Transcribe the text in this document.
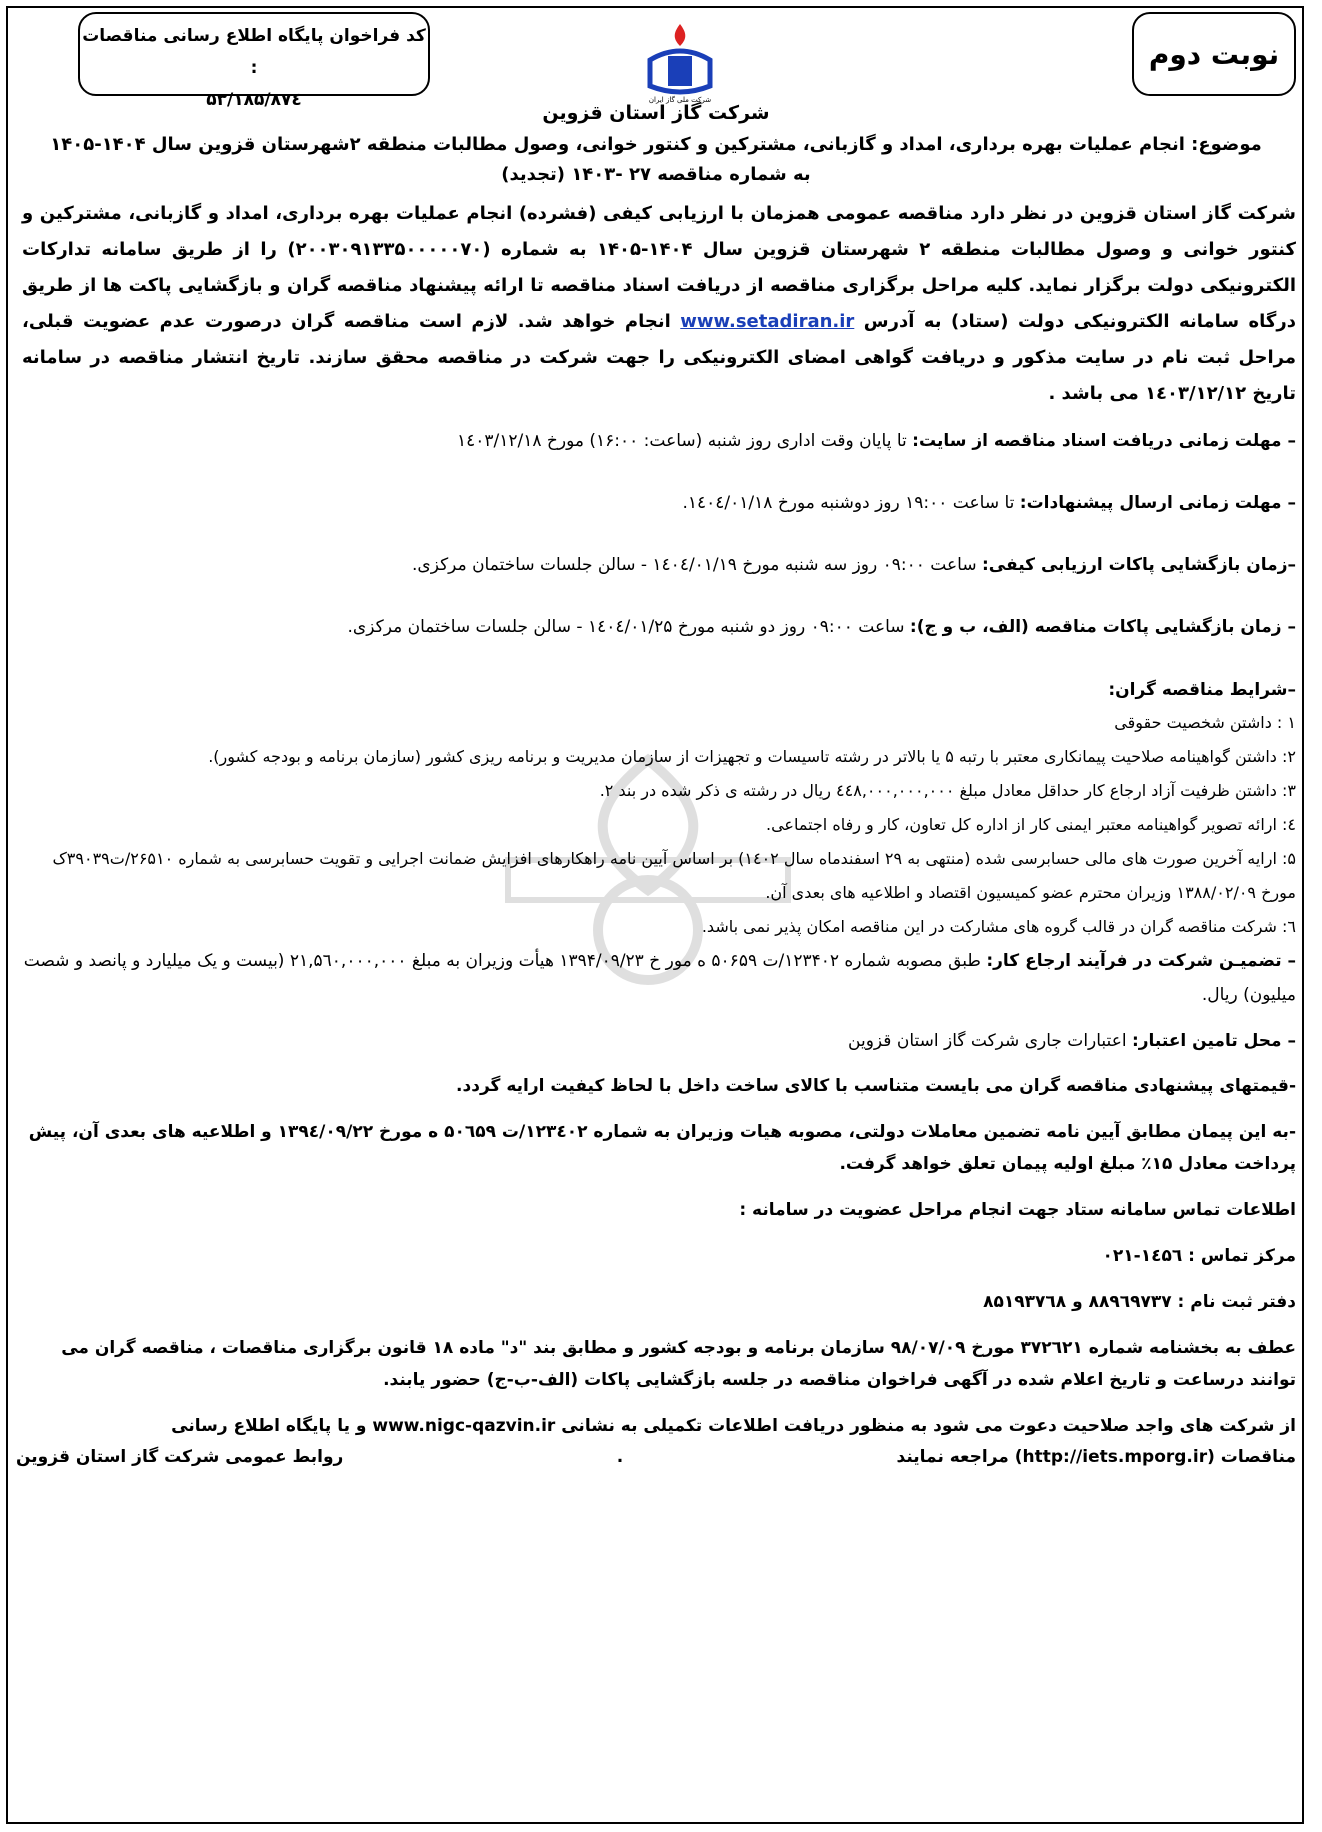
کد فراخوان پایگاه اطلاع رسانی مناقصات :
۵۳/۱۸۵/۸۷٤
نوبت دوم
شرکت ملی گاز ایران
شرکت گاز استان قزوین
موضوع: انجام عملیات بهره برداری، امداد و گازبانی، مشترکین و کنتور خوانی، وصول مطالبات منطقه ۲شهرستان قزوین سال ۱۴۰۴-۱۴۰۵
به شماره مناقصه ۲۷ -۱۴۰۳ (تجدید)
شرکت گاز استان قزوین در نظر دارد مناقصه عمومی همزمان با ارزیابی کیفی (فشرده) انجام عملیات بهره برداری، امداد و گازبانی، مشترکین و کنتور خوانی و وصول مطالبات منطقه ۲ شهرستان قزوین سال ۱۴۰۴-۱۴۰۵ به شماره (۲۰۰۳۰۹۱۳۳۵۰۰۰۰۰۷۰) را از طریق سامانه تدارکات الکترونیکی دولت برگزار نماید. کلیه مراحل برگزاری مناقصه از دریافت اسناد مناقصه تا ارائه پیشنهاد مناقصه گران و بازگشایی پاکت ها از طریق درگاه سامانه الکترونیکی دولت (ستاد) به آدرس www.setadiran.ir انجام خواهد شد. لازم است مناقصه گران درصورت عدم عضویت قبلی، مراحل ثبت نام در سایت مذکور و دریافت گواهی امضای الکترونیکی را جهت شرکت در مناقصه محقق سازند. تاریخ انتشار مناقصه در سامانه تاریخ ۱٤۰۳/۱۲/۱۲ می باشد .
– مهلت زمانی دریافت اسناد مناقصه از سایت: تا پایان وقت اداری روز شنبه (ساعت: ۱۶:۰۰) مورخ ۱٤۰۳/۱۲/۱۸
– مهلت زمانی ارسال پیشنهادات: تا ساعت ۱۹:۰۰ روز دوشنبه مورخ ۱٤۰٤/۰۱/۱۸.
–زمان بازگشایی پاکات ارزیابی کیفی: ساعت ۰۹:۰۰ روز سه شنبه مورخ ۱٤۰٤/۰۱/۱۹ - سالن جلسات ساختمان مرکزی.
– زمان بازگشایی پاکات مناقصه (الف، ب و ج): ساعت ۰۹:۰۰ روز دو شنبه مورخ ۱٤۰٤/۰۱/۲۵ - سالن جلسات ساختمان مرکزی.
–شرایط مناقصه گران:
۱ : داشتن شخصیت حقوقی
۲: داشتن گواهینامه صلاحیت پیمانکاری معتبر با رتبه ۵ یا بالاتر در رشته تاسیسات و تجهیزات از سازمان مدیریت و برنامه ریزی کشور (سازمان برنامه و بودجه کشور).
۳: داشتن ظرفیت آزاد ارجاع کار حداقل معادل مبلغ ٤٤۸,۰۰۰,۰۰۰,۰۰۰ ریال در رشته ی ذکر شده در بند ۲.
٤: ارائه تصویر گواهینامه معتبر ایمنی کار از اداره کل تعاون، کار و رفاه اجتماعی.
۵: ارایه آخرین صورت های مالی حسابرسی شده (منتهی به ۲۹ اسفندماه سال ۱٤۰۲) بر اساس آیین نامه راهکارهای افزایش ضمانت اجرایی و تقویت حسابرسی به شماره ۲۶۵۱۰/ت۳۹۰۳۹ک مورخ ۱۳۸۸/۰۲/۰۹ وزیران محترم عضو کمیسیون اقتصاد و اطلاعیه های بعدی آن.
٦: شرکت مناقصه گران در قالب گروه های مشارکت در این مناقصه امکان پذیر نمی باشد.
– تضمیـن شرکت در فرآیند ارجاع کار: طبق مصوبه شماره ۱۲۳۴۰۲/ت ۵۰۶۵۹ ه مور خ ۱۳۹۴/۰۹/۲۳ هیأت وزیران به مبلغ ۲۱,۵٦۰,۰۰۰,۰۰۰ (بیست و یک میلیارد و پانصد و شصت میلیون) ریال.
– محل تامین اعتبار: اعتبارات جاری شرکت گاز استان قزوین
-قیمتهای پیشنهادی مناقصه گران می بایست متناسب با کالای ساخت داخل با لحاظ کیفیت ارایه گردد.
-به این پیمان مطابق آیین نامه تضمین معاملات دولتی، مصوبه هیات وزیران به شماره ۱۲۳٤۰۲/ت ۵۰٦۵۹ ه مورخ ۱۳۹٤/۰۹/۲۲ و اطلاعیه های بعدی آن، پیش پرداخت معادل ۱۵٪ مبلغ اولیه پیمان تعلق خواهد گرفت.
اطلاعات تماس سامانه ستاد جهت انجام مراحل عضویت در سامانه :
مرکز تماس : ۱٤۵٦-۰۲۱
دفتر ثبت نام : ۸۸۹٦۹۷۳۷ و ۸۵۱۹۳۷٦۸
عطف به بخشنامه شماره ۳۷۲٦۲۱ مورخ ۹۸/۰۷/۰۹ سازمان برنامه و بودجه کشور و مطابق بند "د" ماده ۱۸ قانون برگزاری مناقصات ، مناقصه گران می توانند درساعت و تاریخ اعلام شده در آگهی فراخوان مناقصه در جلسه بازگشایی پاکات (الف-ب-ج) حضور یابند.
از شرکت های واجد صلاحیت دعوت می شود به منظور دریافت اطلاعات تکمیلی به نشانی www.nigc-qazvin.ir و یا پایگاه اطلاع رسانی
مناقصات (http://iets.mporg.ir) مراجعه نمایند
.
روابط عمومی شرکت گاز استان قزوین
